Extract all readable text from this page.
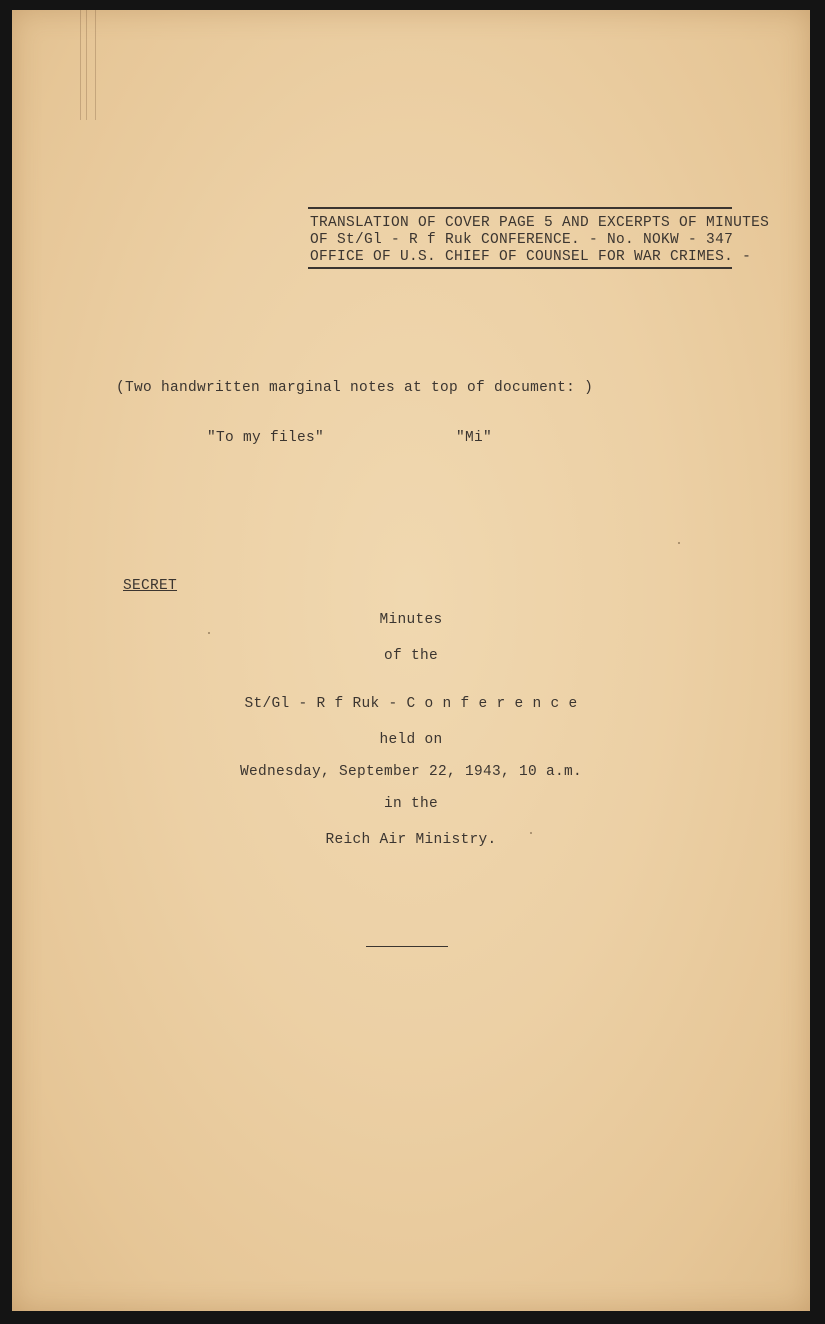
TRANSLATION OF COVER PAGE 5 AND EXCERPTS OF MINUTES
OF St/Gl - R f Ruk CONFERENCE. - No. NOKW - 347
OFFICE OF U.S. CHIEF OF COUNSEL FOR WAR CRIMES. -
(Two handwritten marginal notes at top of document: )
"To my files"	"Mi"
SECRET
Minutes
of the
St/Gl - R f Ruk - C o n f e r e n c e
held on
Wednesday, September 22, 1943, 10 a.m.
in the
Reich Air Ministry.
